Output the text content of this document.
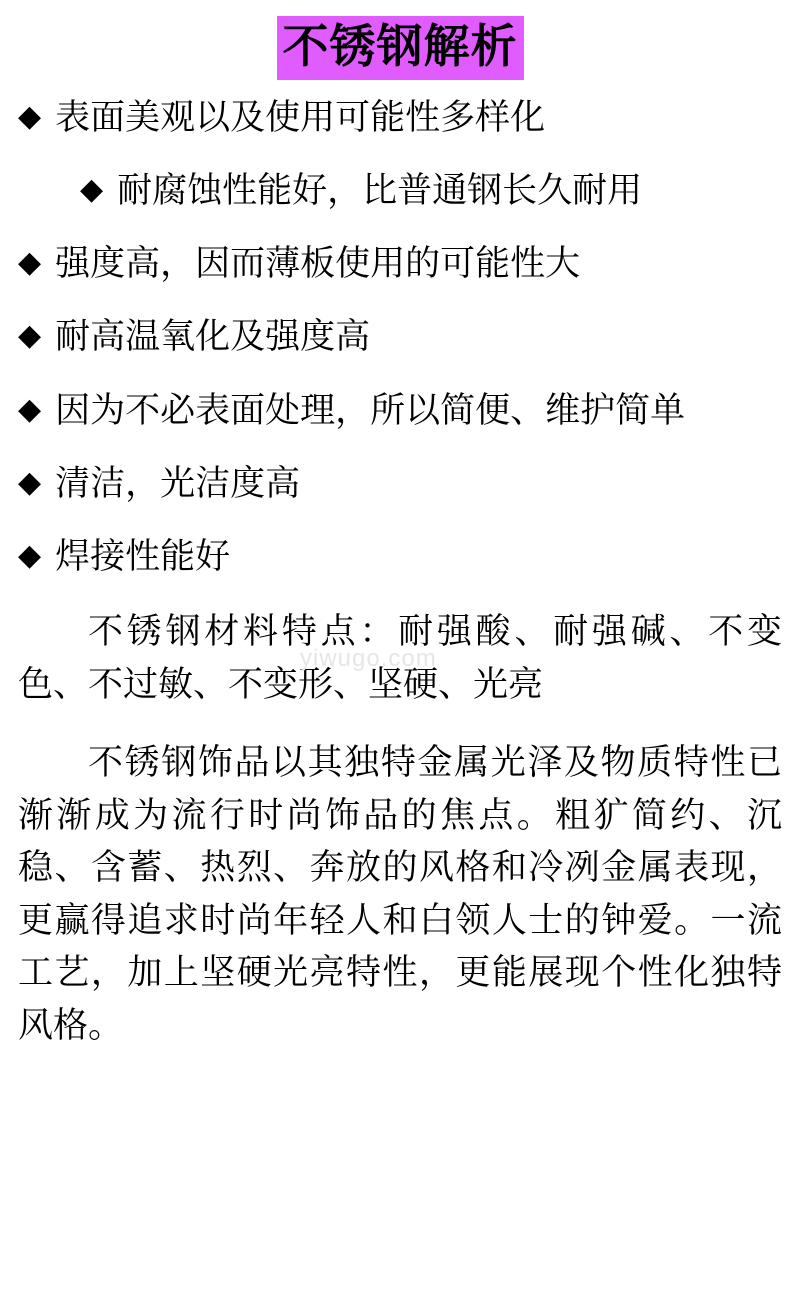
不锈钢解析
◆ 表面美观以及使用可能性多样化
◆ 耐腐蚀性能好，比普通钢长久耐用
◆ 强度高，因而薄板使用的可能性大
◆ 耐高温氧化及强度高
◆ 因为不必表面处理，所以简便、维护简单
◆ 清洁，光洁度高
◆ 焊接性能好

不锈钢材料特点：耐强酸、耐强碱、不变色、不过敏、不变形、坚硬、光亮

不锈钢饰品以其独特金属光泽及物质特性已渐渐成为流行时尚饰品的焦点。粗犷简约、沉稳、含蓄、热烈、奔放的风格和冷冽金属表现，更赢得追求时尚年轻人和白领人士的钟爱。一流工艺，加上坚硬光亮特性，更能展现个性化独特风格。

yiwugo.com
